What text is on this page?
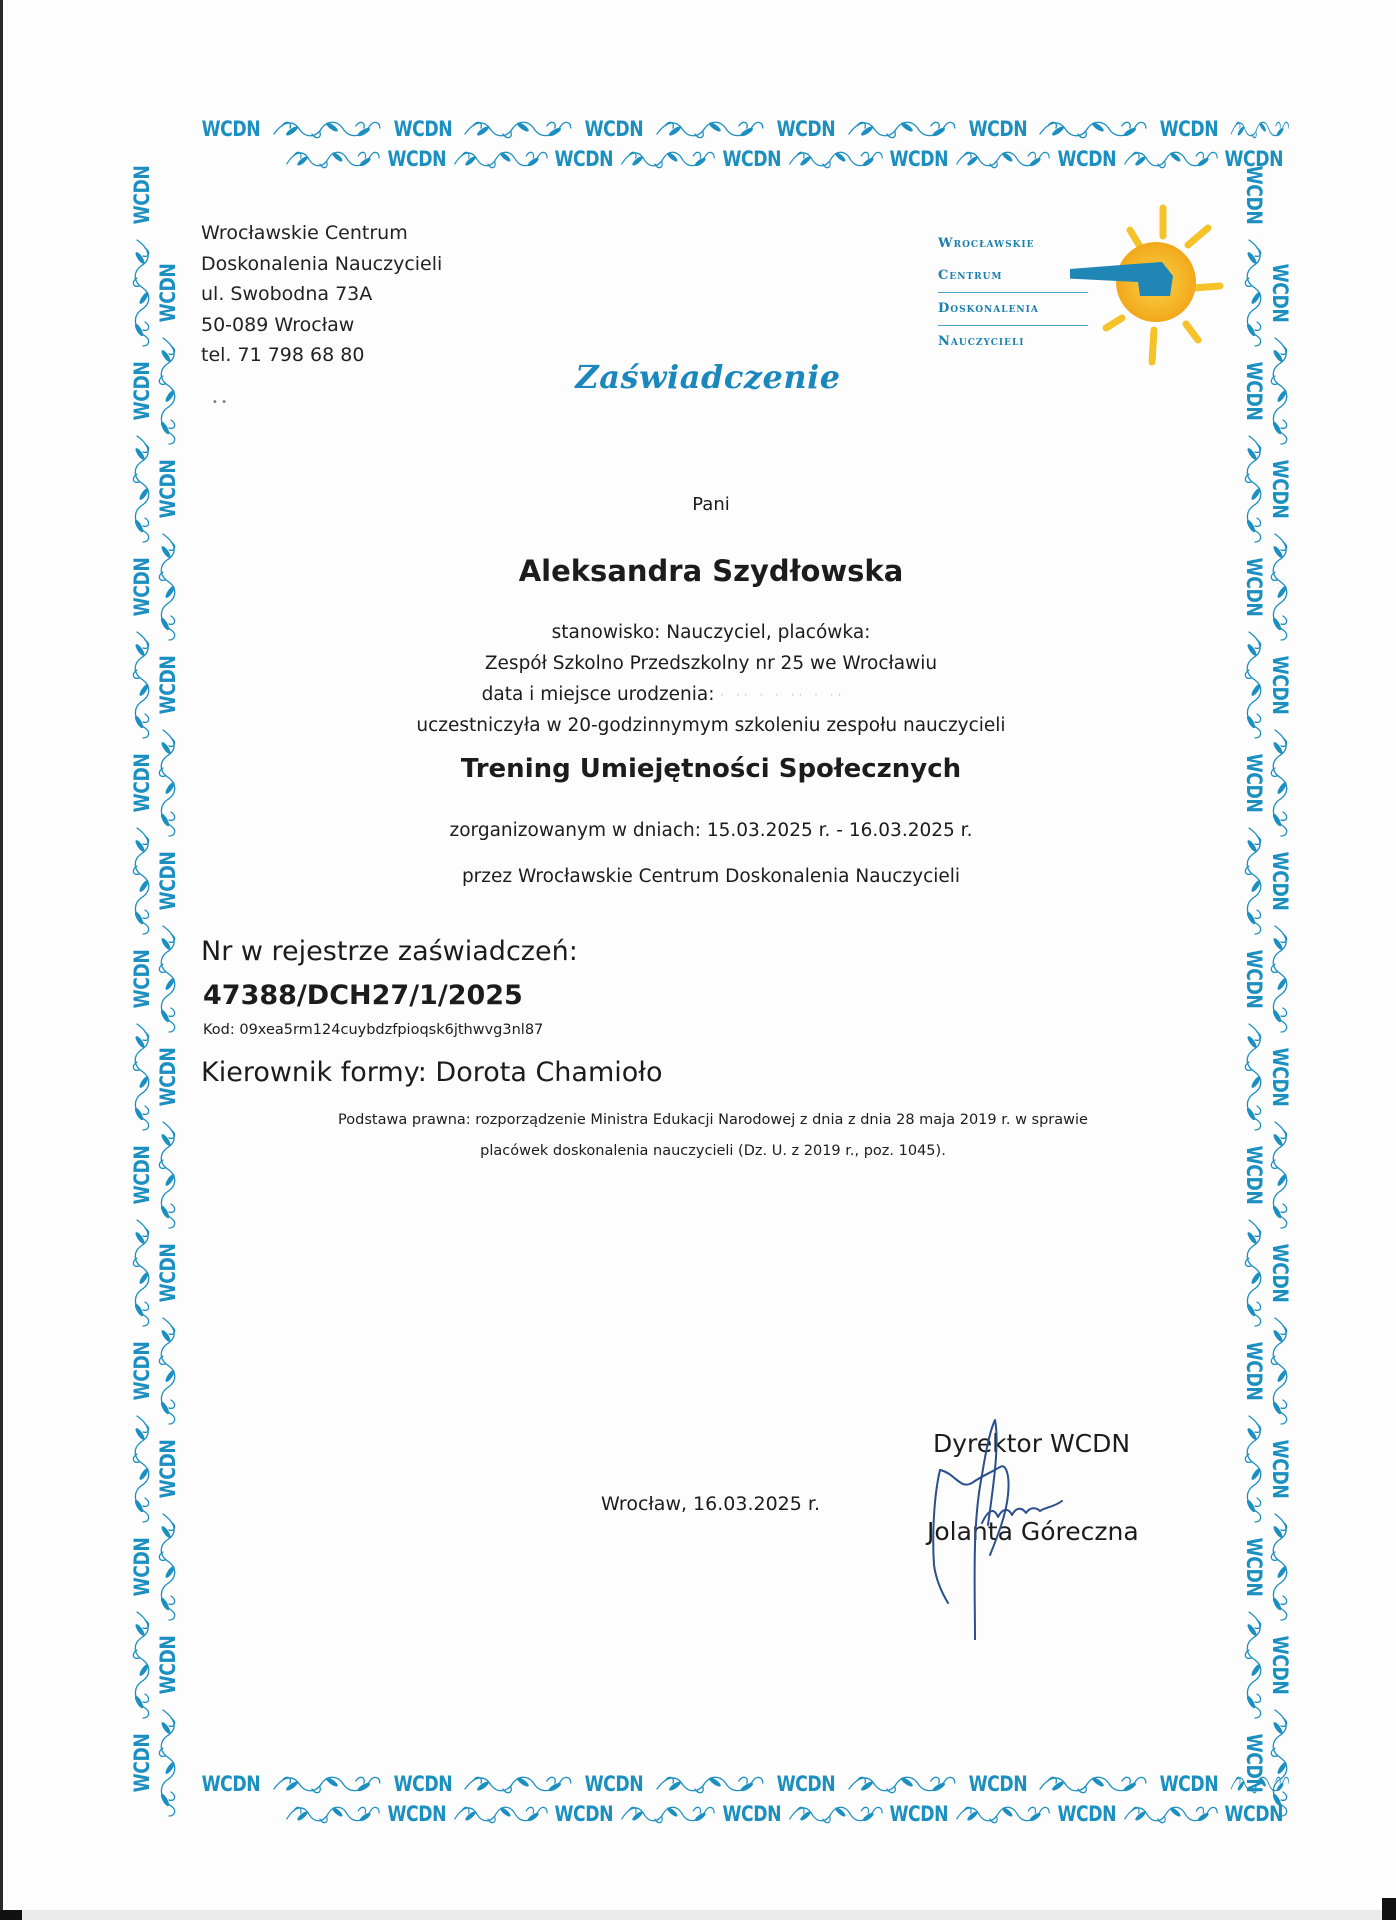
• •
WCDN	WCDN	WCDN	WCDN	WCDN	WCDN
WCDN	WCDN	WCDN	WCDN	WCDN	WCDN
WCDN	WCDN	WCDN	WCDN	WCDN	WCDN
WCDN	WCDN	WCDN	WCDN	WCDN	WCDN
WCDN
WCDN
WCDN
WCDN
WCDN
WCDN
WCDN
WCDN
WCDN
WCDN
WCDN
WCDN
WCDN
WCDN
WCDN
WCDN
WCDN
WCDN
WCDN
WCDN
WCDN
WCDN
WCDN
WCDN
WCDN
WCDN
WCDN
WCDN
WCDN
WCDN
WCDN
WCDN
WCDN
WCDN
Wrocławskie Centrum
Doskonalenia Nauczycieli
ul. Swobodna 73A
50-089 Wrocław
tel. 71 798 68 80
Wrocławskie
Centrum
Doskonalenia
Nauczycieli
Zaświadczenie
Pani
Aleksandra Szydłowska
stanowisko: Nauczyciel, placówka:
Zespół Szkolno Przedszkolny nr 25 we Wrocławiu
data i miejsce urodzenia: · ·· · · ·· · ··
uczestniczyła w 20-godzinnymym szkoleniu zespołu nauczycieli
Trening Umiejętności Społecznych
zorganizowanym w dniach: 15.03.2025 r. - 16.03.2025 r.
przez Wrocławskie Centrum Doskonalenia Nauczycieli
Nr w rejestrze zaświadczeń:
47388/DCH27/1/2025
Kod: 09xea5rm124cuybdzfpioqsk6jthwvg3nl87
Kierownik formy: Dorota Chamioło
Podstawa prawna: rozporządzenie Ministra Edukacji Narodowej z dnia z dnia 28 maja 2019 r. w sprawie
placówek doskonalenia nauczycieli (Dz. U. z 2019 r., poz. 1045).
Wrocław, 16.03.2025 r.
Dyrektor WCDN
Jolanta Góreczna
